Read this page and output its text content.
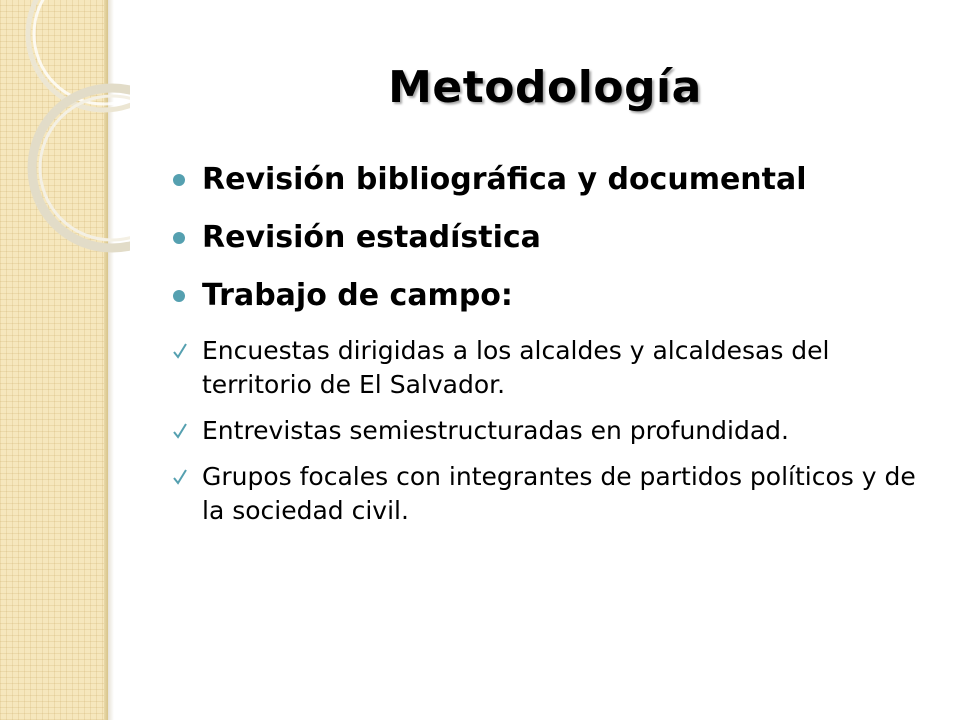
Metodología
Revisión bibliográfica y documental
Revisión estadística
Trabajo de campo:
Encuestas dirigidas a los alcaldes y alcaldesas del territorio de El Salvador.
Entrevistas semiestructuradas en profundidad.
Grupos focales con integrantes de partidos políticos y de la sociedad civil.
